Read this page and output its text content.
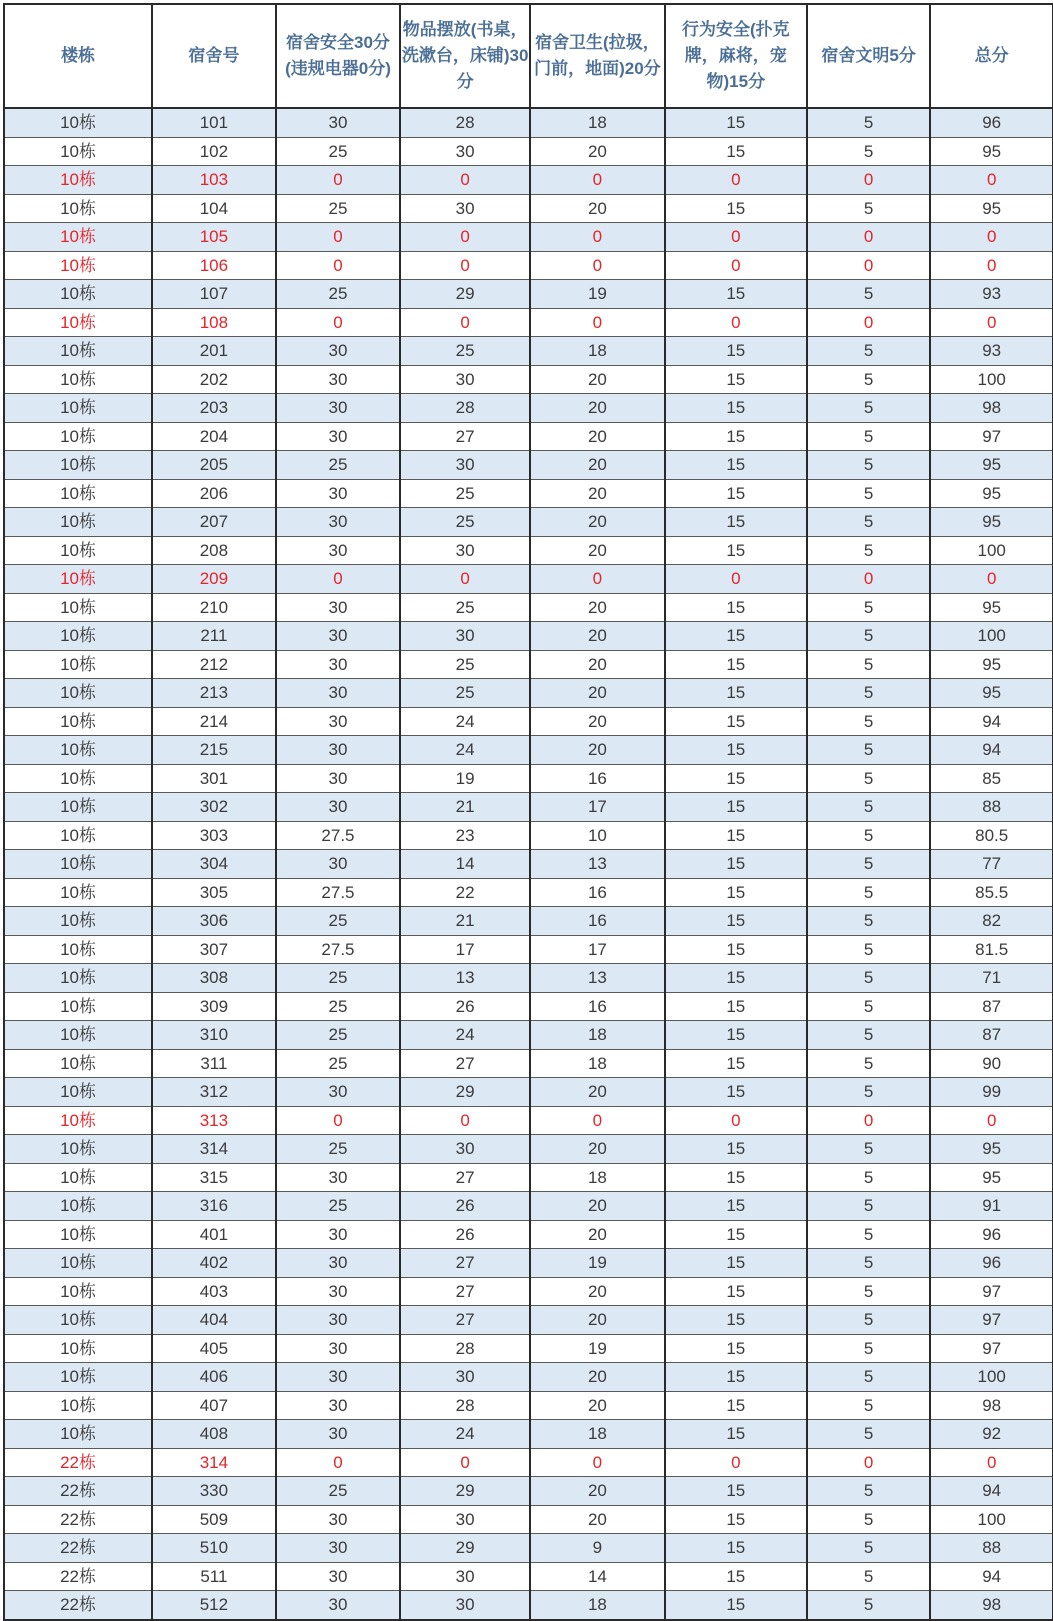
楼栋	宿舍号	宿舍安全30分(违规电器0分)	物品摆放(书桌，洗漱台，床铺)30分	宿舍卫生(拉圾，门前，地面)20分	行为安全(扑克牌，麻将，宠物)15分	宿舍文明5分	总分
10栋	101	30	28	18	15	5	96
10栋	102	25	30	20	15	5	95
10栋	103	0	0	0	0	0	0
10栋	104	25	30	20	15	5	95
10栋	105	0	0	0	0	0	0
10栋	106	0	0	0	0	0	0
10栋	107	25	29	19	15	5	93
10栋	108	0	0	0	0	0	0
10栋	201	30	25	18	15	5	93
10栋	202	30	30	20	15	5	100
10栋	203	30	28	20	15	5	98
10栋	204	30	27	20	15	5	97
10栋	205	25	30	20	15	5	95
10栋	206	30	25	20	15	5	95
10栋	207	30	25	20	15	5	95
10栋	208	30	30	20	15	5	100
10栋	209	0	0	0	0	0	0
10栋	210	30	25	20	15	5	95
10栋	211	30	30	20	15	5	100
10栋	212	30	25	20	15	5	95
10栋	213	30	25	20	15	5	95
10栋	214	30	24	20	15	5	94
10栋	215	30	24	20	15	5	94
10栋	301	30	19	16	15	5	85
10栋	302	30	21	17	15	5	88
10栋	303	27.5	23	10	15	5	80.5
10栋	304	30	14	13	15	5	77
10栋	305	27.5	22	16	15	5	85.5
10栋	306	25	21	16	15	5	82
10栋	307	27.5	17	17	15	5	81.5
10栋	308	25	13	13	15	5	71
10栋	309	25	26	16	15	5	87
10栋	310	25	24	18	15	5	87
10栋	311	25	27	18	15	5	90
10栋	312	30	29	20	15	5	99
10栋	313	0	0	0	0	0	0
10栋	314	25	30	20	15	5	95
10栋	315	30	27	18	15	5	95
10栋	316	25	26	20	15	5	91
10栋	401	30	26	20	15	5	96
10栋	402	30	27	19	15	5	96
10栋	403	30	27	20	15	5	97
10栋	404	30	27	20	15	5	97
10栋	405	30	28	19	15	5	97
10栋	406	30	30	20	15	5	100
10栋	407	30	28	20	15	5	98
10栋	408	30	24	18	15	5	92
22栋	314	0	0	0	0	0	0
22栋	330	25	29	20	15	5	94
22栋	509	30	30	20	15	5	100
22栋	510	30	29	9	15	5	88
22栋	511	30	30	14	15	5	94
22栋	512	30	30	18	15	5	98
